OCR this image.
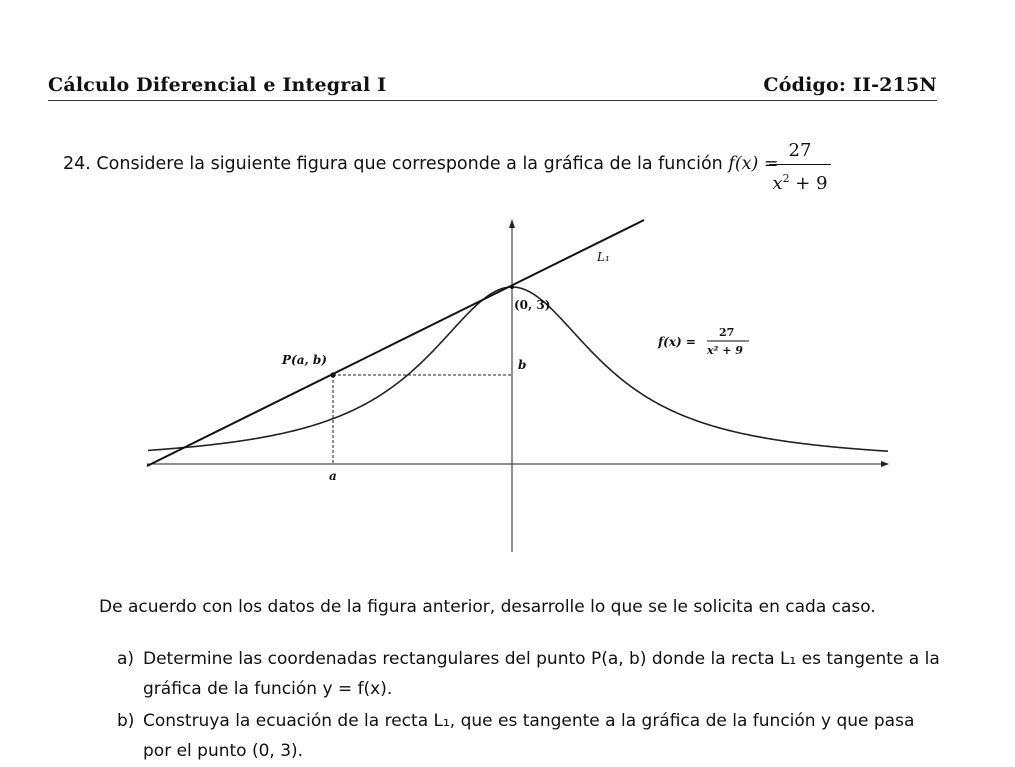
Cálculo Diferencial e Integral I	Código: II-215N
24. Considere la siguiente figura que corresponde a la gráfica de la función f(x) =
27
$x^2 + 9$
L₁
(0, 3)
P(a, b)	b
a
f(x) =
27
x² + 9
De acuerdo con los datos de la figura anterior, desarrolle lo que se le solicita en cada caso.
a) Determine las coordenadas rectangulares del punto P(a, b) donde la recta L₁ es tangente a la
gráfica de la función y = f(x).
b) Construya la ecuación de la recta L₁, que es tangente a la gráfica de la función y que pasa
por el punto (0, 3).
